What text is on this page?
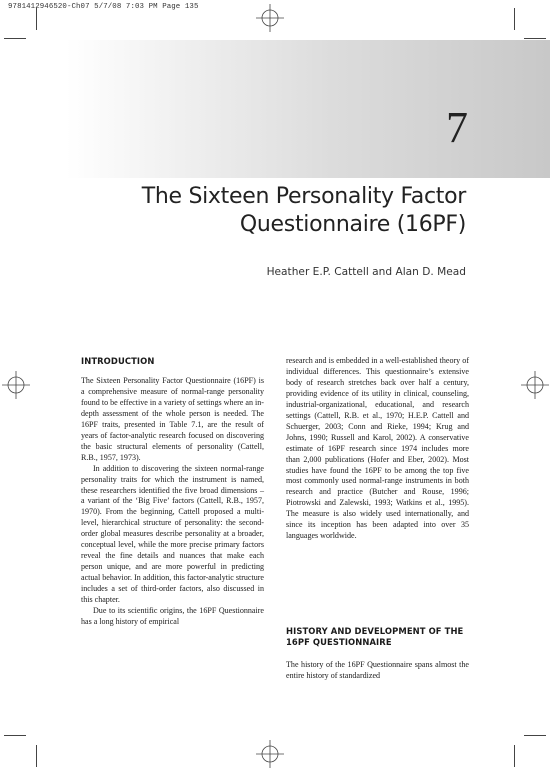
9781412946520-Ch07 5/7/08 7:03 PM Page 135
7
The Sixteen Personality Factor
Questionnaire (16PF)
Heather E.P. Cattell and Alan D. Mead
INTRODUCTION

The Sixteen Personality Factor Questionnaire (16PF) is a comprehensive measure of normal-range personality found to be effective in a variety of settings where an in-depth assessment of the whole person is needed. The 16PF traits, presented in Table 7.1, are the result of years of factor-analytic research focused on discovering the basic structural elements of personality (Cattell, R.B., 1957, 1973).

In addition to discovering the sixteen normal-range personality traits for which the instrument is named, these researchers identified the five broad dimensions – a variant of the ‘Big Five’ factors (Cattell, R.B., 1957, 1970). From the beginning, Cattell proposed a multi-level, hierarchical structure of personality: the second-order global measures describe personality at a broader, conceptual level, while the more precise primary factors reveal the fine details and nuances that make each person unique, and are more powerful in predicting actual behavior. In addition, this factor-analytic structure includes a set of third-order factors, also discussed in this chapter.

Due to its scientific origins, the 16PF Questionnaire has a long history of empirical

research and is embedded in a well-established theory of individual differences. This questionnaire’s extensive body of research stretches back over half a century, providing evidence of its utility in clinical, counseling, industrial-organizational, educational, and research settings (Cattell, R.B. et al., 1970; H.E.P. Cattell and Schuerger, 2003; Conn and Rieke, 1994; Krug and Johns, 1990; Russell and Karol, 2002). A conservative estimate of 16PF research since 1974 includes more than 2,000 publications (Hofer and Eber, 2002). Most studies have found the 16PF to be among the top five most commonly used normal-range instruments in both research and practice (Butcher and Rouse, 1996; Piotrowski and Zalewski, 1993; Watkins et al., 1995). The measure is also widely used internationally, and since its inception has been adapted into over 35 languages worldwide.

HISTORY AND DEVELOPMENT OF THE
16PF QUESTIONNAIRE

The history of the 16PF Questionnaire spans almost the entire history of standardized
